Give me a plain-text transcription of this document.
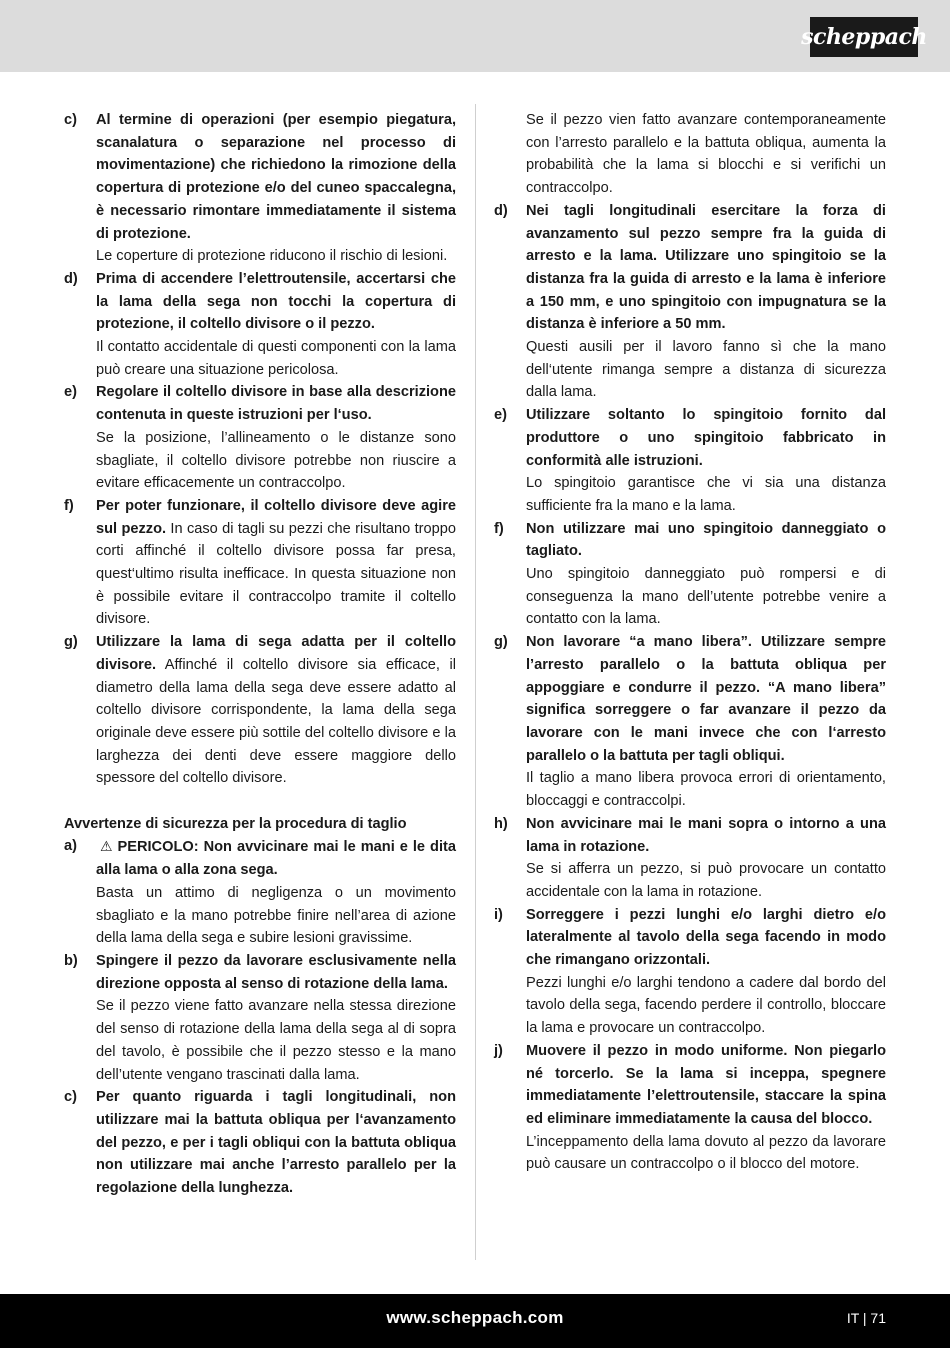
scheppach
c)	Al termine di operazioni (per esempio piegatura, scanalatura o separazione nel processo di movimentazione) che richiedono la rimozione della copertura di protezione e/o del cuneo spaccalegna, è necessario rimontare immediatamente il sistema di protezione.
Le coperture di protezione riducono il rischio di lesioni.
d)	Prima di accendere l’elettroutensile, accertarsi che la lama della sega non tocchi la copertura di protezione, il coltello divisore o il pezzo.
Il contatto accidentale di questi componenti con la lama può creare una situazione pericolosa.
e)	Regolare il coltello divisore in base alla descrizione contenuta in queste istruzioni per l‘uso.
Se la posizione, l’allineamento o le distanze sono sbagliate, il coltello divisore potrebbe non riuscire a evitare efficacemente un contraccolpo.
f)	Per poter funzionare, il coltello divisore deve agire sul pezzo. In caso di tagli su pezzi che risultano troppo corti affinché il coltello divisore possa far presa, quest‘ultimo risulta inefficace. In questa situazione non è possibile evitare il contraccolpo tramite il coltello divisore.
g)	Utilizzare la lama di sega adatta per il coltello divisore. Affinché il coltello divisore sia efficace, il diametro della lama della sega deve essere adatto al coltello divisore corrispondente, la lama della sega originale deve essere più sottile del coltello divisore e la larghezza dei denti deve essere maggiore dello spessore del coltello divisore.
Avvertenze di sicurezza per la procedura di taglio
a)	⚠ PERICOLO: Non avvicinare mai le mani e le dita alla lama o alla zona sega.
Basta un attimo di negligenza o un movimento sbagliato e la mano potrebbe finire nell’area di azione della lama della sega e subire lesioni gravissime.
b)	Spingere il pezzo da lavorare esclusivamente nella direzione opposta al senso di rotazione della lama.
Se il pezzo viene fatto avanzare nella stessa direzione del senso di rotazione della lama della sega al di sopra del tavolo, è possibile che il pezzo stesso e la mano dell’utente vengano trascinati dalla lama.
c)	Per quanto riguarda i tagli longitudinali, non utilizzare mai la battuta obliqua per l‘avanzamento del pezzo, e per i tagli obliqui con la battuta obliqua non utilizzare mai anche l’arresto parallelo per la regolazione della lunghezza.
Se il pezzo vien fatto avanzare contemporaneamente con l’arresto parallelo e la battuta obliqua, aumenta la probabilità che la lama si blocchi e si verifichi un contraccolpo.
d)	Nei tagli longitudinali esercitare la forza di avanzamento sul pezzo sempre fra la guida di arresto e la lama. Utilizzare uno spingitoio se la distanza fra la guida di arresto e la lama è inferiore a 150 mm, e uno spingitoio con impugnatura se la distanza è inferiore a 50 mm.
Questi ausili per il lavoro fanno sì che la mano dell‘utente rimanga sempre a distanza di sicurezza dalla lama.
e)	Utilizzare soltanto lo spingitoio fornito dal produttore o uno spingitoio fabbricato in conformità alle istruzioni.
Lo spingitoio garantisce che vi sia una distanza sufficiente fra la mano e la lama.
f)	Non utilizzare mai uno spingitoio danneggiato o tagliato.
Uno spingitoio danneggiato può rompersi e di conseguenza la mano dell’utente potrebbe venire a contatto con la lama.
g)	Non lavorare “a mano libera”. Utilizzare sempre l’arresto parallelo o la battuta obliqua per appoggiare e condurre il pezzo. “A mano libera” significa sorreggere o far avanzare il pezzo da lavorare con le mani invece che con l‘arresto parallelo o la battuta per tagli obliqui.
Il taglio a mano libera provoca errori di orientamento, bloccaggi e contraccolpi.
h)	Non avvicinare mai le mani sopra o intorno a una lama in rotazione.
Se si afferra un pezzo, si può provocare un contatto accidentale con la lama in rotazione.
i)	Sorreggere i pezzi lunghi e/o larghi dietro e/o lateralmente al tavolo della sega facendo in modo che rimangano orizzontali.
Pezzi lunghi e/o larghi tendono a cadere dal bordo del tavolo della sega, facendo perdere il controllo, bloccare la lama e provocare un contraccolpo.
j)	Muovere il pezzo in modo uniforme. Non piegarlo né torcerlo. Se la lama si inceppa, spegnere immediatamente l’elettroutensile, staccare la spina ed eliminare immediatamente la causa del blocco.
L’inceppamento della lama dovuto al pezzo da lavorare può causare un contraccolpo o il blocco del motore.
www.scheppach.com	IT | 71
